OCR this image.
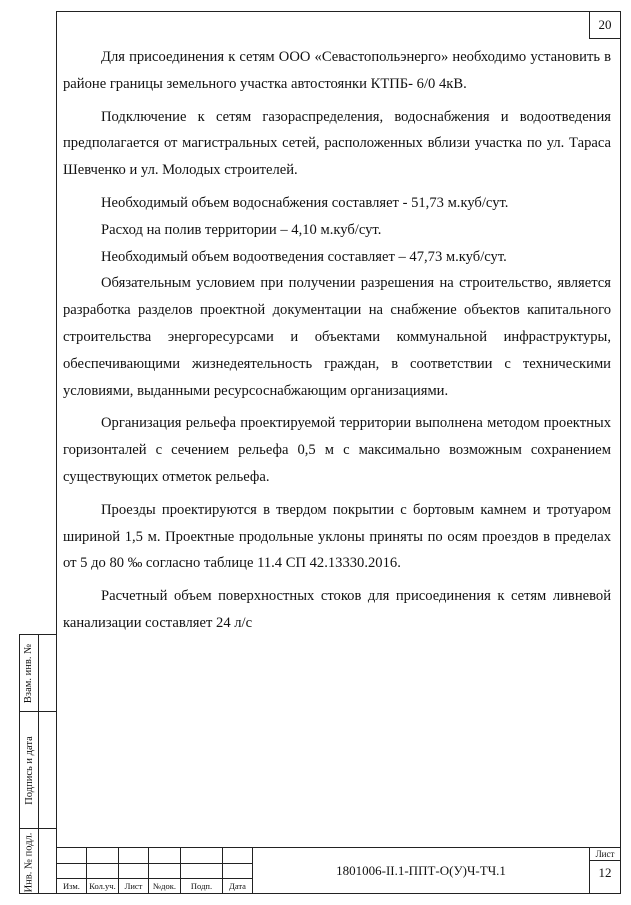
Взам. инв. №
Подпись и дата
Инв. № подл.
20

Для присоединения к сетям ООО «Севастопольэнерго» необходимо установить в районе границы земельного участка автостоянки КТПБ- 6/0 4кВ.

Подключение к сетям газораспределения, водоснабжения и водоотведения предполагается от магистральных сетей, расположенных вблизи участка по ул. Тараса Шевченко и ул. Молодых строителей.

Необходимый объем водоснабжения составляет - 51,73 м.куб/сут.

Расход на полив территории – 4,10 м.куб/сут.

Необходимый объем водоотведения составляет – 47,73 м.куб/сут.

Обязательным условием при получении разрешения на строительство, является разработка разделов проектной документации на снабжение объектов капитального строительства энергоресурсами и объектами коммунальной инфраструктуры, обеспечивающими жизнедеятельность граждан, в соответствии с техническими условиями, выданными ресурсоснабжающим организациями.

Организация рельефа проектируемой территории выполнена методом проектных горизонталей с сечением рельефа 0,5 м с максимально возможным сохранением существующих отметок рельефа.

Проезды проектируются в твердом покрытии с бортовым камнем и тротуаром шириной 1,5 м. Проектные продольные уклоны приняты по осям проездов в пределах от 5 до 80 ‰ согласно таблице 11.4 СП 42.13330.2016.

Расчетный объем поверхностных стоков для присоединения к сетям ливневой канализации составляет 24 л/с

Изм.	Кол.уч.	Лист	№док.	Подп.	Дата
1801006-II.1-ППТ-О(У)Ч-ТЧ.1
Лист
12
